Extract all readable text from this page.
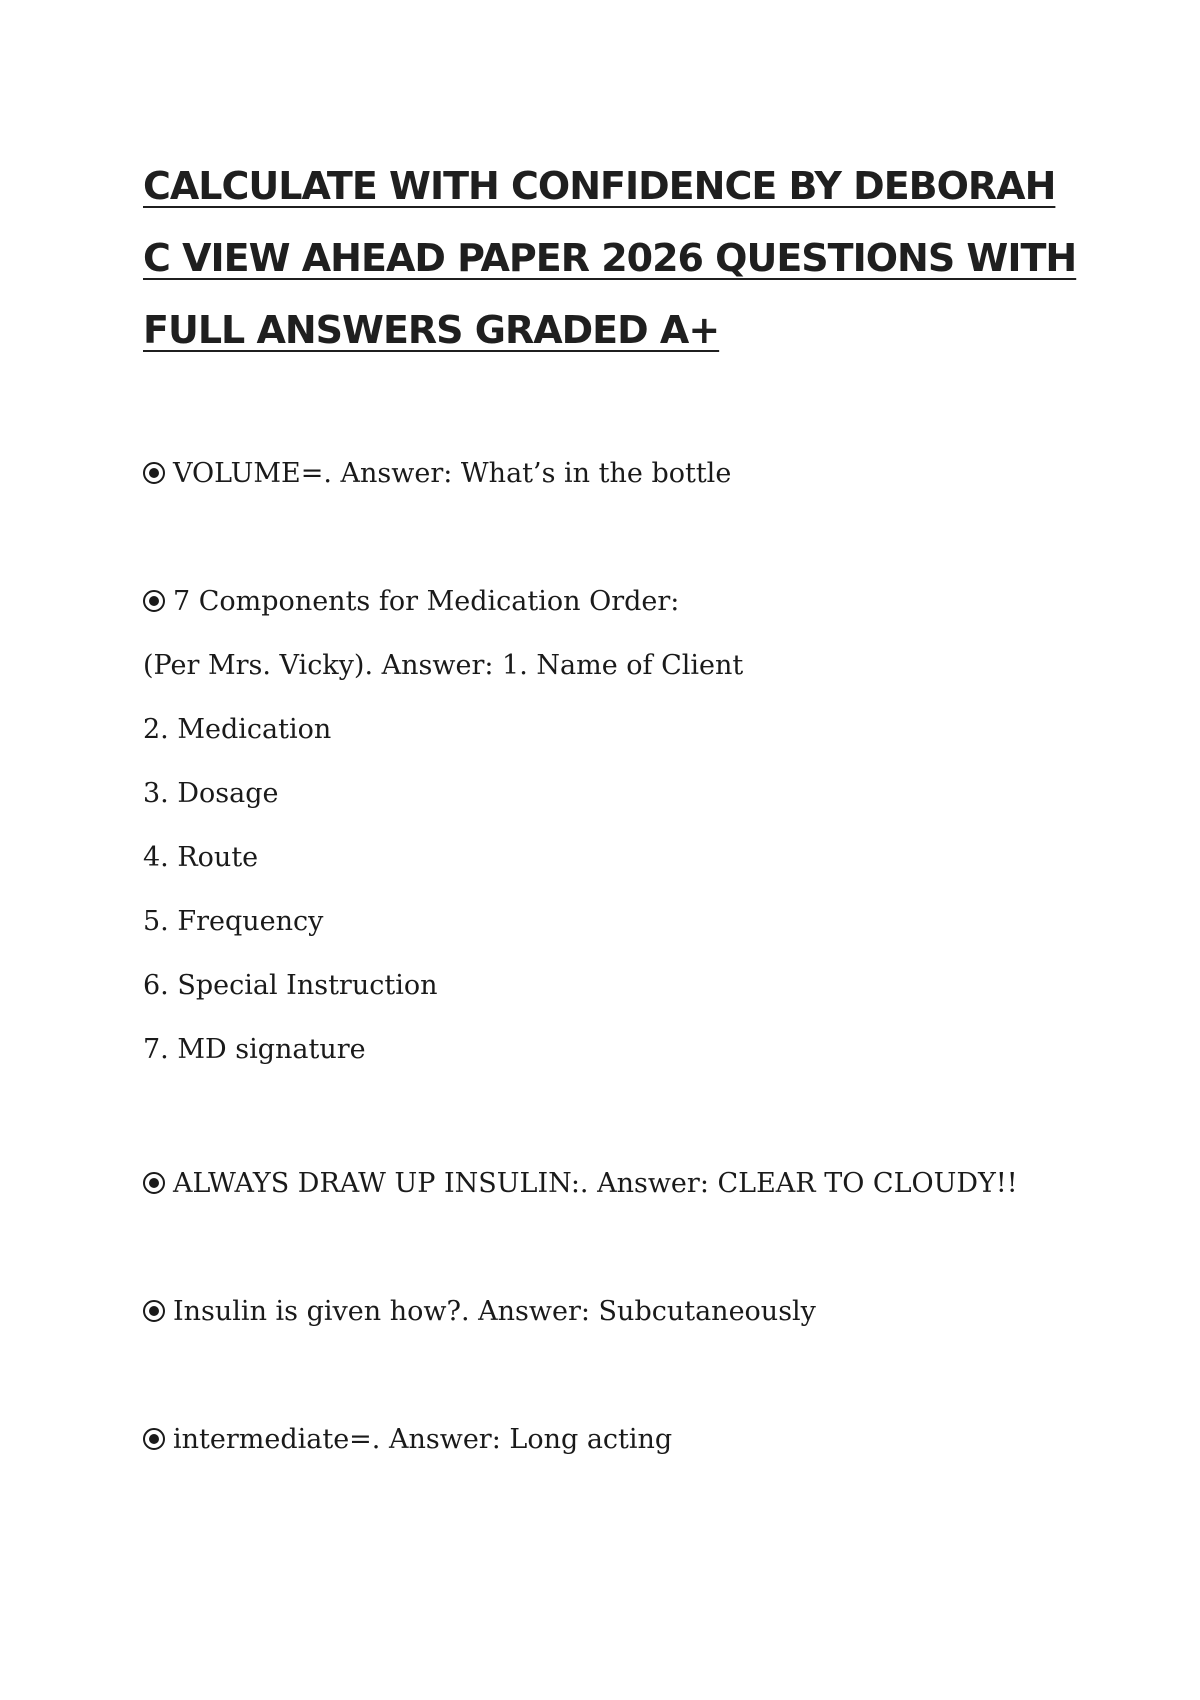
CALCULATE WITH CONFIDENCE BY DEBORAH C VIEW AHEAD PAPER 2026 QUESTIONS WITH FULL ANSWERS GRADED A+
VOLUME=. Answer: What’s in the bottle
7 Components for Medication Order:
(Per Mrs. Vicky). Answer: 1. Name of Client
2. Medication
3. Dosage
4. Route
5. Frequency
6. Special Instruction
7. MD signature
ALWAYS DRAW UP INSULIN:. Answer: CLEAR TO CLOUDY!!
Insulin is given how?. Answer: Subcutaneously
intermediate=. Answer: Long acting
